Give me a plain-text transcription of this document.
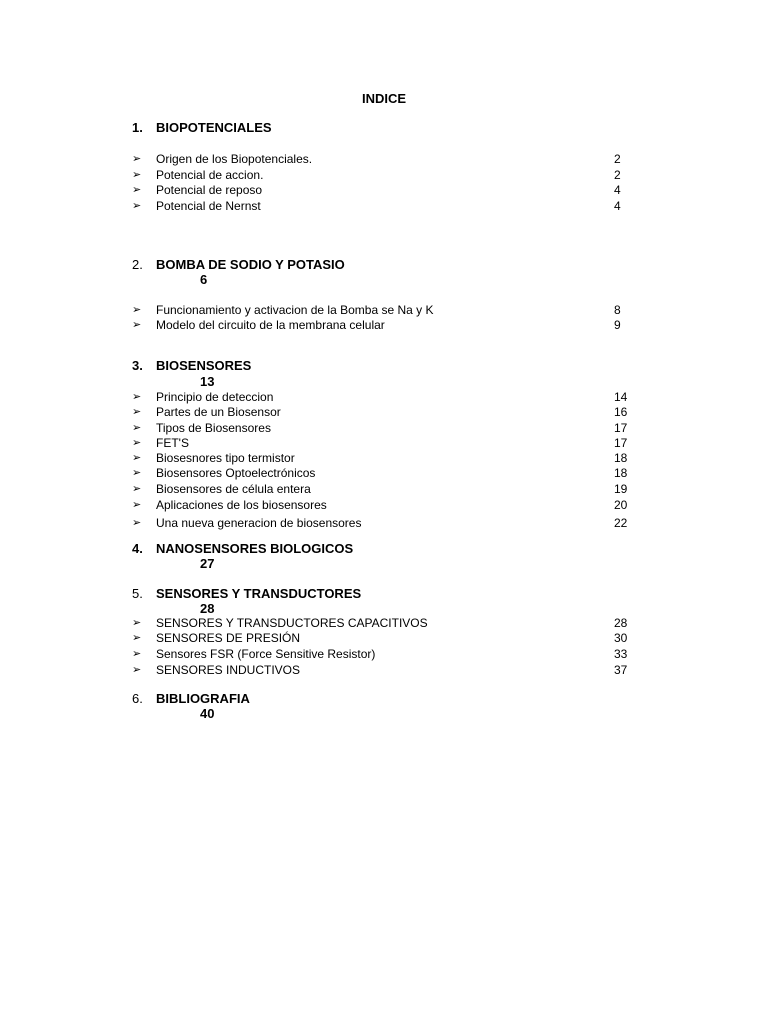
INDICE
1. BIOPOTENCIALES
➢ Origen de los Biopotenciales.	2
➢ Potencial de accion.	2
➢ Potencial de reposo	4
➢ Potencial de Nernst	4
2. BOMBA DE SODIO Y POTASIO
6
➢ Funcionamiento y activacion de la Bomba se Na y K	8
➢ Modelo del circuito de la membrana celular	9
3. BIOSENSORES
13
➢ Principio de deteccion	14
➢ Partes de un Biosensor	16
➢ Tipos de Biosensores	17
➢ FET'S	17
➢ Biosesnores tipo termistor	18
➢ Biosensores Optoelectrónicos	18
➢ Biosensores de célula entera	19
➢ Aplicaciones de los biosensores	20
➢ Una nueva generacion de biosensores	22
4. NANOSENSORES BIOLOGICOS
27
5. SENSORES Y TRANSDUCTORES
28
➢ SENSORES Y TRANSDUCTORES CAPACITIVOS	28
➢ SENSORES DE PRESIÓN	30
➢ Sensores FSR (Force Sensitive Resistor)	33
➢ SENSORES INDUCTIVOS	37
6. BIBLIOGRAFIA
40
